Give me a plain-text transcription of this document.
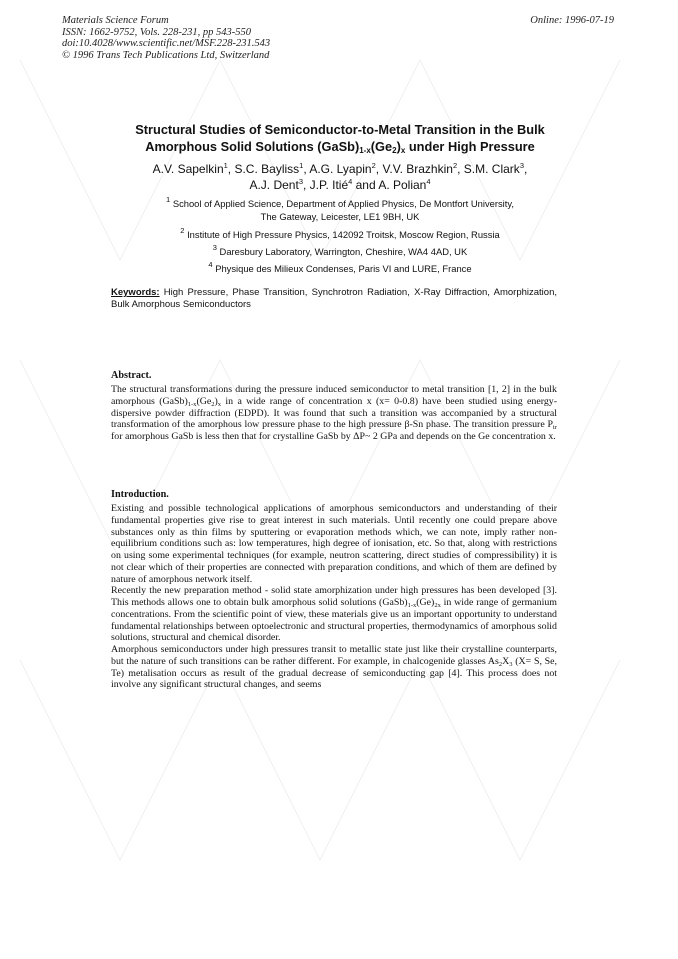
Materials Science Forum
ISSN: 1662-9752, Vols. 228-231, pp 543-550
doi:10.4028/www.scientific.net/MSF.228-231.543
© 1996 Trans Tech Publications Ltd, Switzerland
Online: 1996-07-19
Structural Studies of Semiconductor-to-Metal Transition in the Bulk
Amorphous Solid Solutions $(GaSb)_{1-x}(Ge_2)_x$ under High Pressure
A.V. Sapelkin$^1$, S.C. Bayliss$^1$, A.G. Lyapin$^2$, V.V. Brazhkin$^2$, S.M. Clark$^3$,
A.J. Dent$^3$, J.P. Itié$^4$ and A. Polian$^4$
$^1$ School of Applied Science, Department of Applied Physics, De Montfort University,
The Gateway, Leicester, LE1 9BH, UK
$^2$ Institute of High Pressure Physics, 142092 Troitsk, Moscow Region, Russia
$^3$ Daresbury Laboratory, Warrington, Cheshire, WA4 4AD, UK
$^4$ Physique des Milieux Condenses, Paris VI and LURE, France
Keywords: High Pressure, Phase Transition, Synchrotron Radiation, X-Ray Diffraction, Amorphization, Bulk Amorphous Semiconductors
Abstract.

The structural transformations during the pressure induced semiconductor to metal transition [1, 2] in the bulk amorphous $(GaSb)_{1-x}(Ge_2)_x$ in a wide range of concentration x (x= 0-0.8) have been studied using energy-dispersive powder diffraction (EDPD). It was found that such a transition was accompanied by a structural transformation of the amorphous low pressure phase to the high pressure β-Sn phase. The transition pressure $P_{tr}$ for amorphous GaSb is less then that for crystalline GaSb by ΔP~ 2 GPa and depends on the Ge concentration x.

Introduction.

Existing and possible technological applications of amorphous semiconductors and understanding of their fundamental properties give rise to great interest in such materials. Until recently one could prepare above substances only as thin films by sputtering or evaporation methods which, we can note, imply rather non-equilibrium conditions such as: low temperatures, high degree of ionisation, etc. So that, along with restrictions on using some experimental techniques (for example, neutron scattering, direct studies of compressibility) it is not clear which of their properties are connected with preparation conditions, and which of them are defined by nature of amorphous network itself.

Recently the new preparation method - solid state amorphization under high pressures has been developed [3]. This methods allows one to obtain bulk amorphous solid solutions $(GaSb)_{1-x}(Ge)_{2x}$ in wide range of germanium concentrations. From the scientific point of view, these materials give us an important opportunity to understand fundamental relationships between optoelectronic and structural properties, thermodynamics of amorphous solid solutions, structural and chemical disorder.

Amorphous semiconductors under high pressures transit to metallic state just like their crystalline counterparts, but the nature of such transitions can be rather different. For example, in chalcogenide glasses $As_2X_3$ (X= S, Se, Te) metalisation occurs as result of the gradual decrease of semiconducting gap [4]. This process does not involve any significant structural changes, and seems
